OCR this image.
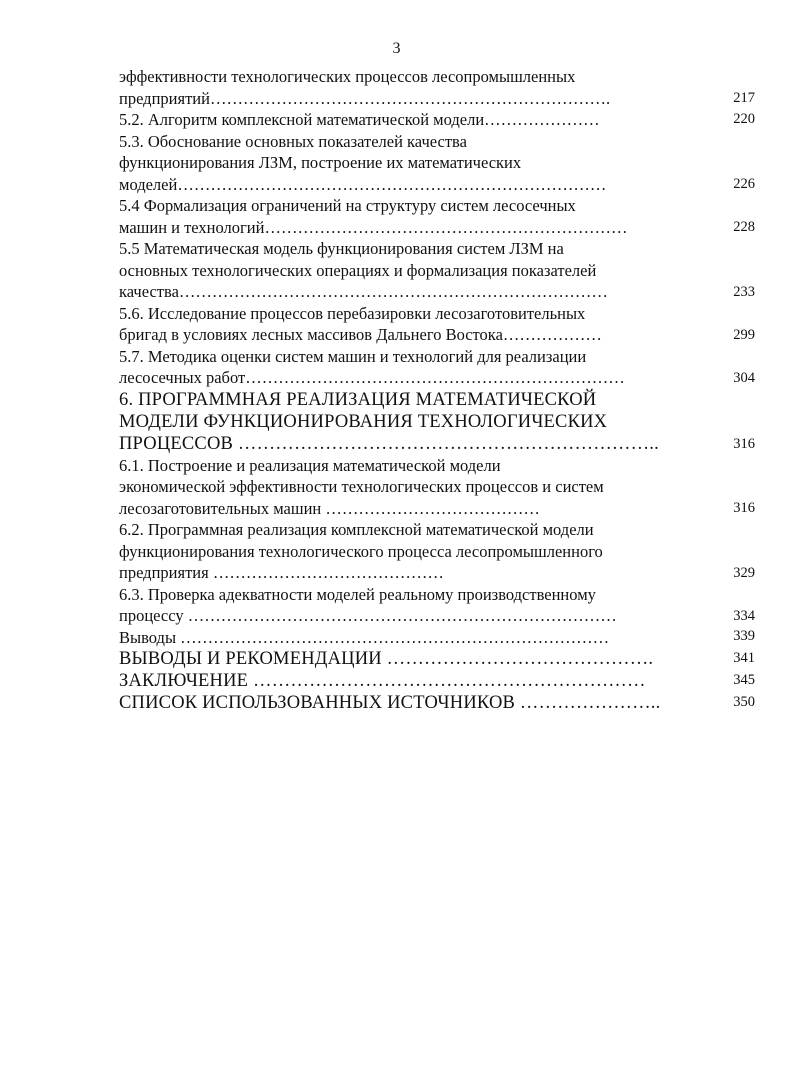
3
эффективности технологических процессов лесопромышленных
предприятий……………………………………………………………….	217
5.2. Алгоритм комплексной математической модели…………………	220
5.3. Обоснование основных показателей качества
функционирования ЛЗМ, построение их математических
моделей……………………………………………………………………	226
5.4 Формализация ограничений на структуру систем лесосечных
машин и технологий…………………………………………………………	228
5.5 Математическая модель функционирования систем ЛЗМ на
основных технологических операциях и формализация показателей
качества……………………………………………………………………	233
5.6. Исследование процессов перебазировки лесозаготовительных
бригад в условиях лесных массивов Дальнего Востока………………	299
5.7. Методика оценки систем машин и технологий для реализации
лесосечных работ……………………………………………………………	304
6. ПРОГРАММНАЯ РЕАЛИЗАЦИЯ МАТЕМАТИЧЕСКОЙ
МОДЕЛИ ФУНКЦИОНИРОВАНИЯ ТЕХНОЛОГИЧЕСКИХ
ПРОЦЕССОВ …………………………………………………………..	316
6.1. Построение и реализация математической модели
экономической эффективности технологических процессов и систем
лесозаготовительных машин …………………………………	316
6.2. Программная реализация комплексной математической модели
функционирования технологического процесса лесопромышленного
предприятия ……………………………………	329
6.3. Проверка адекватности моделей реальному производственному
процессу ……………………………………………………………………	334
Выводы ……………………………………………………………………	339
ВЫВОДЫ И РЕКОМЕНДАЦИИ …………………………………….	341
ЗАКЛЮЧЕНИЕ ………………………………………………………	345
СПИСОК ИСПОЛЬЗОВАННЫХ ИСТОЧНИКОВ …………………..	350
